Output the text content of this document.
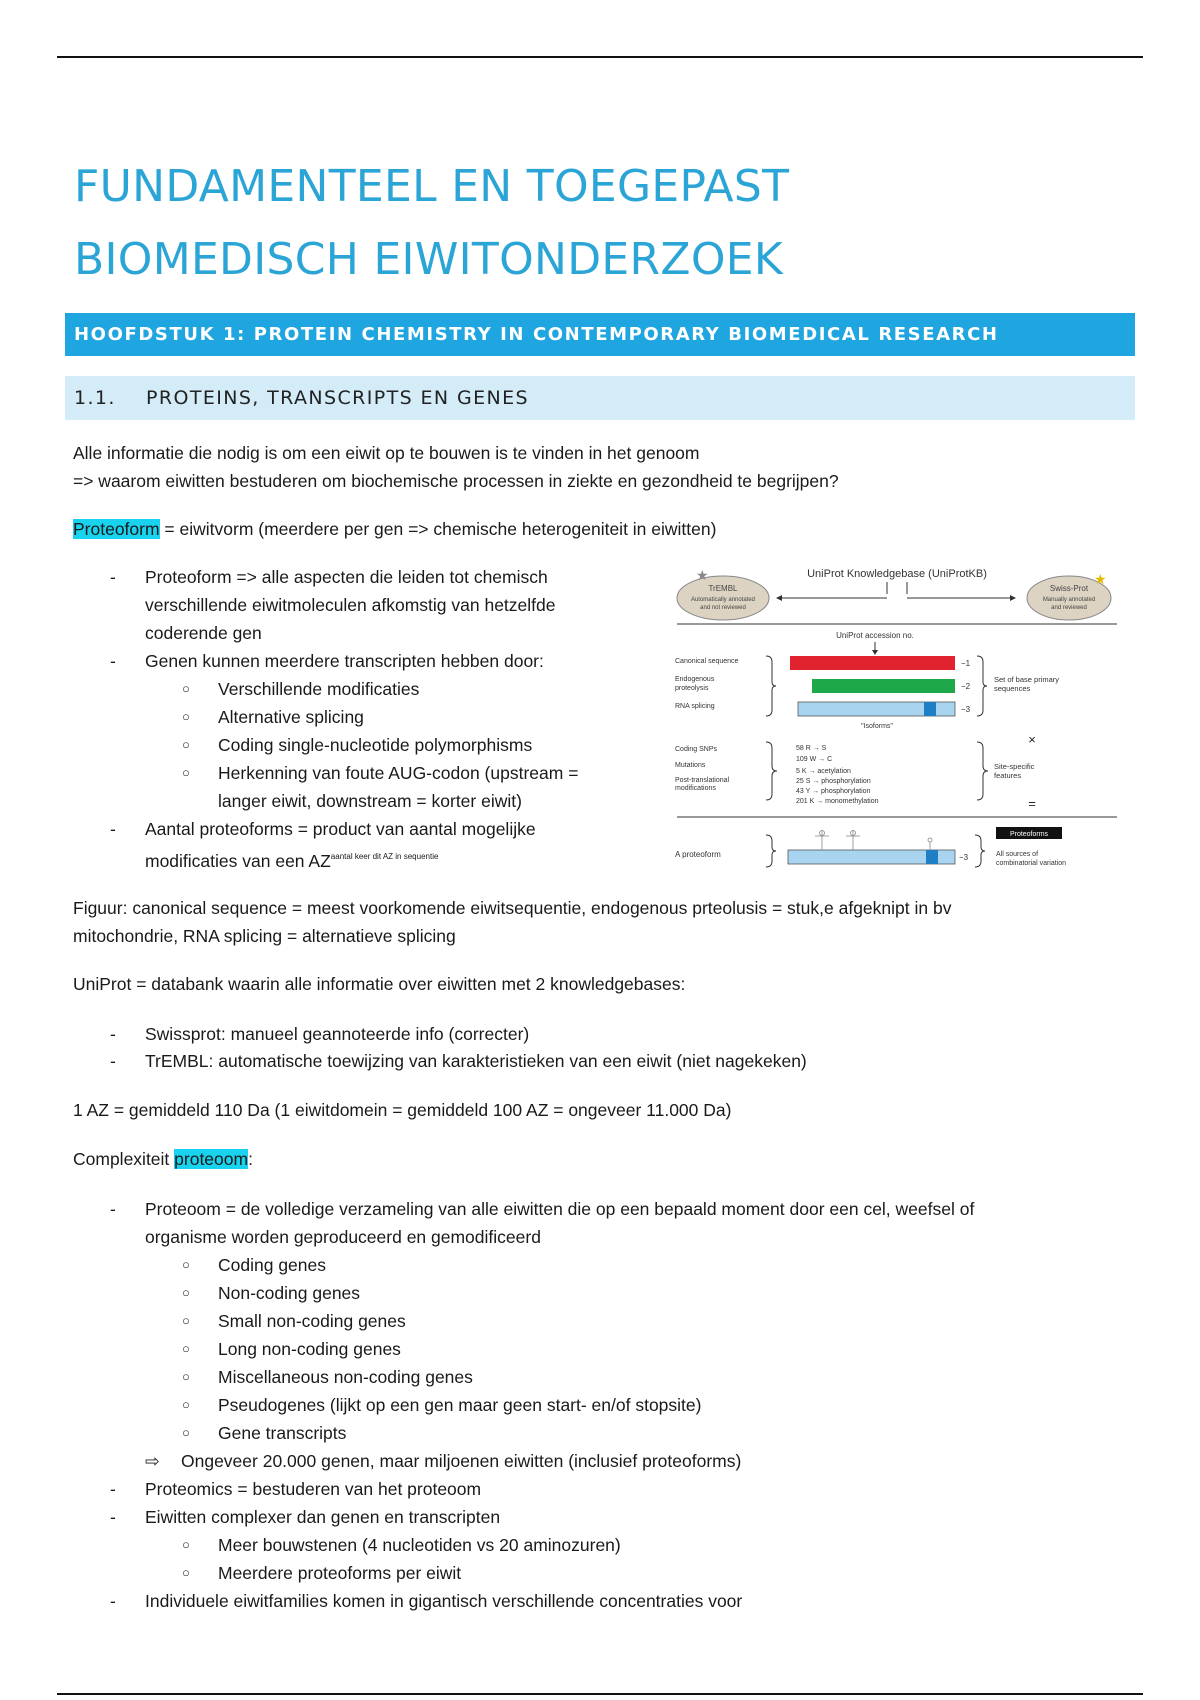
FUNDAMENTEEL EN TOEGEPAST
BIOMEDISCH EIWITONDERZOEK
HOOFDSTUK 1: PROTEIN CHEMISTRY IN CONTEMPORARY BIOMEDICAL RESEARCH
1.1. PROTEINS, TRANSCRIPTS EN GENES
Alle informatie die nodig is om een eiwit op te bouwen is te vinden in het genoom
=> waarom eiwitten bestuderen om biochemische processen in ziekte en gezondheid te begrijpen?
Proteoform = eiwitvorm (meerdere per gen => chemische heterogeniteit in eiwitten)
- Proteoform => alle aspecten die leiden tot chemisch
verschillende eiwitmoleculen afkomstig van hetzelfde
coderende gen
- Genen kunnen meerdere transcripten hebben door:
○ Verschillende modificaties
○ Alternative splicing
○ Coding single-nucleotide polymorphisms
○ Herkenning van foute AUG-codon (upstream =
langer eiwit, downstream = korter eiwit)
- Aantal proteoforms = product van aantal mogelijke
modificaties van een $AZ^{aantal keer dit AZ in sequentie}$
UniProt Knowledgebase (UniProtKB)
★
TrEMBL
Automatically annotated
and not reviewed
★
Swiss-Prot
Manually annotated
and reviewed
UniProt accession no.
Canonical sequence
Endogenous
proteolysis
RNA splicing
−1
−2
−3
"Isoforms"
Set of base primary
sequences
×
Coding SNPs
Mutations
Post-translational
modifications
58 R → S
109 W → C
5 K → acetylation
25 S → phosphorylation
43 Y → phosphorylation
201 K → monomethylation
Site-specific
features
=
A proteoform	−3
Proteoforms
All sources of
combinatorial variation
Figuur: canonical sequence = meest voorkomende eiwitsequentie, endogenous prteolusis = stuk,e afgeknipt in bv
mitochondrie, RNA splicing = alternatieve splicing
UniProt = databank waarin alle informatie over eiwitten met 2 knowledgebases:
- Swissprot: manueel geannoteerde info (correcter)
- TrEMBL: automatische toewijzing van karakteristieken van een eiwit (niet nagekeken)
1 AZ = gemiddeld 110 Da (1 eiwitdomein = gemiddeld 100 AZ = ongeveer 11.000 Da)
Complexiteit proteoom:
- Proteoom = de volledige verzameling van alle eiwitten die op een bepaald moment door een cel, weefsel of
organisme worden geproduceerd en gemodificeerd
○ Coding genes
○ Non-coding genes
○ Small non-coding genes
○ Long non-coding genes
○ Miscellaneous non-coding genes
○ Pseudogenes (lijkt op een gen maar geen start- en/of stopsite)
○ Gene transcripts
⇨ Ongeveer 20.000 genen, maar miljoenen eiwitten (inclusief proteoforms)
- Proteomics = bestuderen van het proteoom
- Eiwitten complexer dan genen en transcripten
○ Meer bouwstenen (4 nucleotiden vs 20 aminozuren)
○ Meerdere proteoforms per eiwit
- Individuele eiwitfamilies komen in gigantisch verschillende concentraties voor
